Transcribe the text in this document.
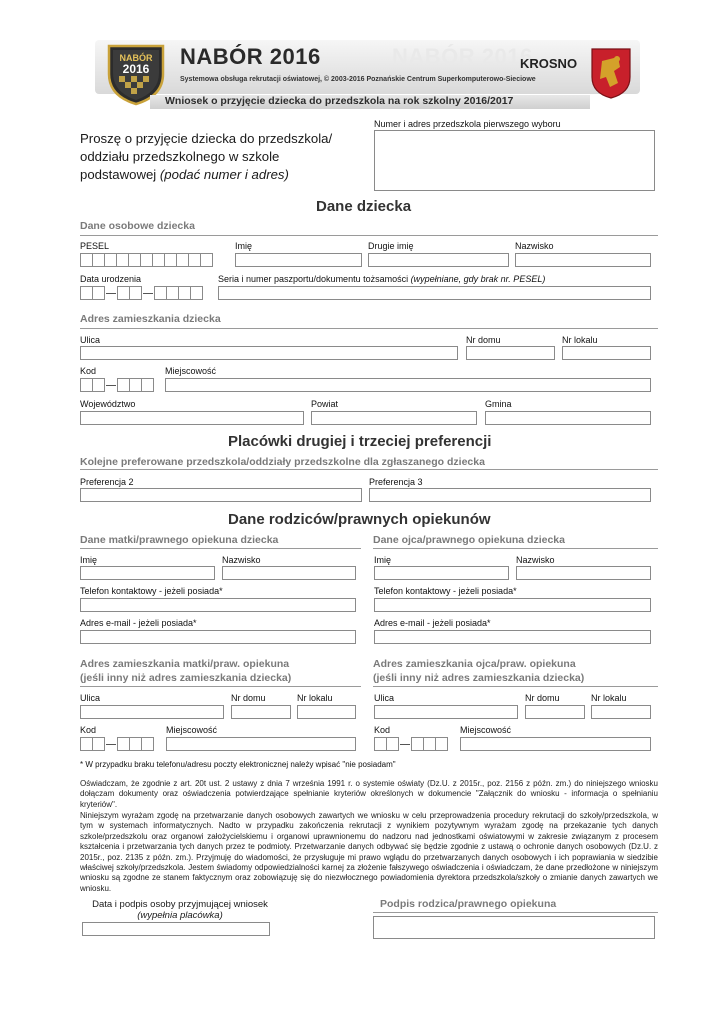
NABÓR
2016	NABÓR 2016
NABÓR 2016	KROSNO
Systemowa obsługa rekrutacji oświatowej, © 2003-2016 Poznańskie Centrum Superkomputerowo-Sieciowe
Wniosek o przyjęcie dziecka do przedszkola na rok szkolny 2016/2017
Proszę o przyjęcie dziecka do przedszkola/
oddziału przedszkolnego w szkole
podstawowej (podać numer i adres)
Numer i adres przedszkola pierwszego wyboru
Dane dziecka
Dane osobowe dziecka
PESEL	Imię	Drugie imię	Nazwisko
Data urodzenia	Seria i numer paszportu/dokumentu tożsamości (wypełniane, gdy brak nr. PESEL)
Adres zamieszkania dziecka
Ulica	Nr domu	Nr lokalu
Kod	Miejscowość
Województwo	Powiat	Gmina
Placówki drugiej i trzeciej preferencji
Kolejne preferowane przedszkola/oddziały przedszkolne dla zgłaszanego dziecka
Preferencja 2	Preferencja 3
Dane rodziców/prawnych opiekunów
Dane matki/prawnego opiekuna dziecka	Dane ojca/prawnego opiekuna dziecka
Imię	Nazwisko
Telefon kontaktowy - jeżeli posiada*
Adres e-mail - jeżeli posiada*
Imię	Nazwisko
Telefon kontaktowy - jeżeli posiada*
Adres e-mail - jeżeli posiada*
Adres zamieszkania matki/praw. opiekuna
(jeśli inny niż adres zamieszkania dziecka)
Adres zamieszkania ojca/praw. opiekuna
(jeśli inny niż adres zamieszkania dziecka)
Ulica	Nr domu	Nr lokalu	Ulica	Nr domu	Nr lokalu
Kod	Miejscowość	Kod	Miejscowość
* W przypadku braku telefonu/adresu poczty elektronicznej należy wpisać "nie posiadam"
Oświadczam, że zgodnie z art. 20t ust. 2 ustawy z dnia 7 września 1991 r. o systemie oświaty (Dz.U. z 2015r., poz. 2156 z późn. zm.) do niniejszego wniosku dołączam dokumenty oraz oświadczenia potwierdzające spełnianie kryteriów określonych w dokumencie "Załącznik do wniosku - informacja o spełnianiu kryteriów".
Niniejszym wyrażam zgodę na przetwarzanie danych osobowych zawartych we wniosku w celu przeprowadzenia procedury rekrutacji do szkoły/przedszkola, w tym w systemach informatycznych. Nadto w przypadku zakończenia rekrutacji z wynikiem pozytywnym wyrażam zgodę na przekazanie tych danych szkole/przedszkolu oraz organowi założycielskiemu i organowi uprawnionemu do nadzoru nad jednostkami oświatowymi w zakresie związanym z procesem kształcenia i przetwarzania tych danych przez te podmioty. Przetwarzanie danych odbywać się będzie zgodnie z ustawą o ochronie danych osobowych (Dz.U. z 2015r., poz. 2135 z późn. zm.). Przyjmuję do wiadomości, że przysługuje mi prawo wglądu do przetwarzanych danych osobowych i ich poprawiania w siedzibie właściwej szkoły/przedszkola. Jestem świadomy odpowiedzialności karnej za złożenie fałszywego oświadczenia i oświadczam, że dane przedłożone w niniejszym wniosku są zgodne ze stanem faktycznym oraz zobowiązuję się do niezwłocznego powiadomienia dyrektora przedszkola/szkoły o zmianie danych zawartych we wniosku.
Data i podpis osoby przyjmującej wniosek
(wypełnia placówka)
Podpis rodzica/prawnego opiekuna
